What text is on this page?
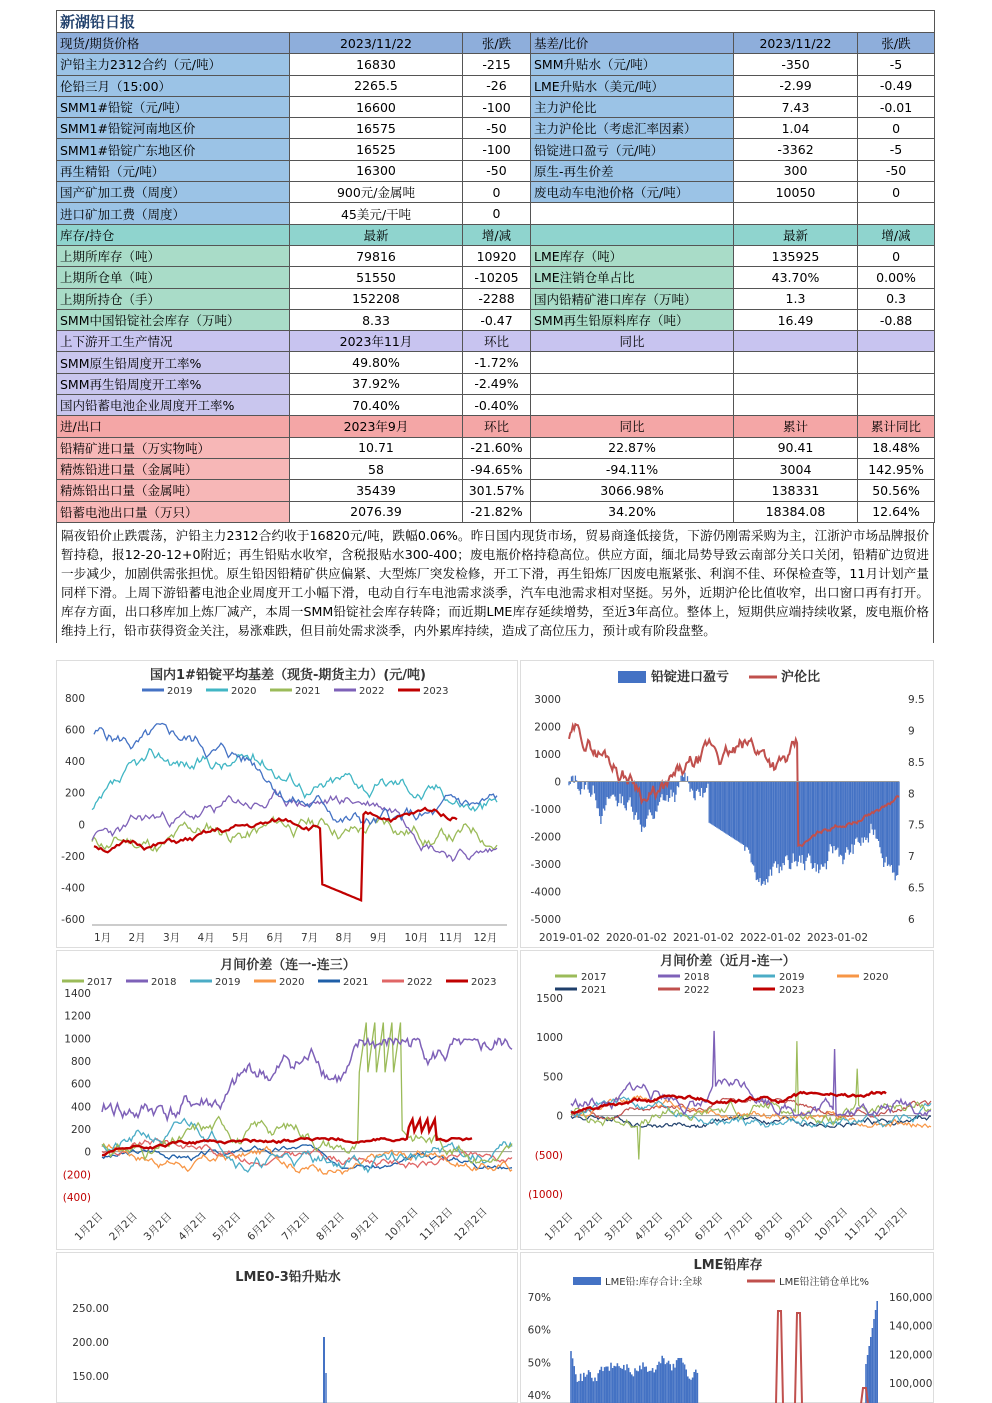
新湖铅日报					
现货/期货价格	2023/11/22	张/跌	基差/比价	2023/11/22	张/跌
沪铅主力2312合约（元/吨）	16830	-215	SMM升贴水（元/吨）	-350	-5
伦铅三月（15:00）	2265.5	-26	LME升贴水（美元/吨）	-2.99	-0.49
SMM1#铅锭（元/吨）	16600	-100	主力沪伦比	7.43	-0.01
SMM1#铅锭河南地区价	16575	-50	主力沪伦比（考虑汇率因素）	1.04	0
SMM1#铅锭广东地区价	16525	-100	铅锭进口盈亏（元/吨）	-3362	-5
再生精铅（元/吨）	16300	-50	原生-再生价差	300	-50
国产矿加工费（周度）	900元/金属吨	0	废电动车电池价格（元/吨）	10050	0
进口矿加工费（周度）	45美元/干吨	0			
库存/持仓	最新	增/减		最新	增/减
上期所库存（吨）	79816	10920	LME库存（吨）	135925	0
上期所仓单（吨）	51550	-10205	LME注销仓单占比	43.70%	0.00%
上期所持仓（手）	152208	-2288	国内铅精矿港口库存（万吨）	1.3	0.3
SMM中国铅锭社会库存（万吨）	8.33	-0.47	SMM再生铅原料库存（吨）	16.49	-0.88
上下游开工生产情况	2023年11月	环比	同比		
SMM原生铅周度开工率%	49.80%	-1.72%			
SMM再生铅周度开工率%	37.92%	-2.49%			
国内铅蓄电池企业周度开工率%	70.40%	-0.40%			
进/出口	2023年9月	环比	同比	累计	累计同比
铅精矿进口量（万实物吨）	10.71	-21.60%	22.87%	90.41	18.48%
精炼铅进口量（金属吨）	58	-94.65%	-94.11%	3004	142.95%
精炼铅出口量（金属吨）	35439	301.57%	3066.98%	138331	50.56%
铅蓄电池出口量（万只）	2076.39	-21.82%	34.20%	18384.08	12.64%
隔夜铅价止跌震荡，沪铅主力2312合约收于16820元/吨，跌幅0.06%。昨日国内现货市场，贸易商逢低接货，下游仍刚需采购为主，江浙沪市场品牌报价暂持稳，报12-20-12+0附近；再生铅贴水收窄，含税报贴水300-400；废电瓶价格持稳高位。供应方面，缅北局势导致云南部分关口关闭，铅精矿边贸进一步减少，加剧供需张担忧。原生铅因铅精矿供应偏紧、大型炼厂突发检修，开工下滑，再生铅炼厂因废电瓶紧张、利润不佳、环保检查等，11月计划产量同样下滑。上周下游铅蓄电池企业周度开工小幅下滑，电动自行车电池需求淡季，汽车电池需求相对坚挺。另外，近期沪伦比值收窄，出口窗口再有打开。库存方面，出口移库加上炼厂减产，本周一SMM铅锭社会库存转降；而近期LME库存延续增势，至近3年高位。整体上，短期供应端持续收紧，废电瓶价格维持上行，铅市获得资金关注，易涨难跌，但目前处需求淡季，内外累库持续，造成了高位压力，预计或有阶段盘整。
国内1#铅锭平均基差（现货-期货主力）(元/吨)
2019	2020	2021	2022	2023
800
600
400
200
0
-200
-400
-600
1月 2月 3月 4月 5月 6月 7月 8月 9月 10月 11月 12月
铅锭进口盈亏	沪伦比
3000
2000
1000
0
-1000
-2000
-3000
-4000
-5000
9.5
9
8.5
8
7.5
7
6.5
6
2019-01-02 2020-01-02 2021-01-02 2022-01-02 2023-01-02
月间价差（连一-连三）
2017	2018	2019	2020	2021	2022	2023
1400
1200
1000
800
600
400
200
0
(200)
(400)
1月2日 2月2日 3月2日 4月2日 5月2日 6月2日 7月2日 8月2日 9月2日 10月2日
11月2日
12月2日
月间价差（近月-连一）
2017	2018	2019	2020
2021	2022	2023
1500
1000
500
0
(500)
(1000)
1月2日
2月2日
3月2日
4月2日
5月2日
6月2日
7月2日
8月2日
9月2日
10月2日
11月2日
12月2日
LME0-3铅升贴水
250.00
200.00
150.00
LME铅库存
LME铅:库存合计:全球	LME铅注销仓单比%
70%
60%
50%
40%
160,000
140,000
120,000
100,000
